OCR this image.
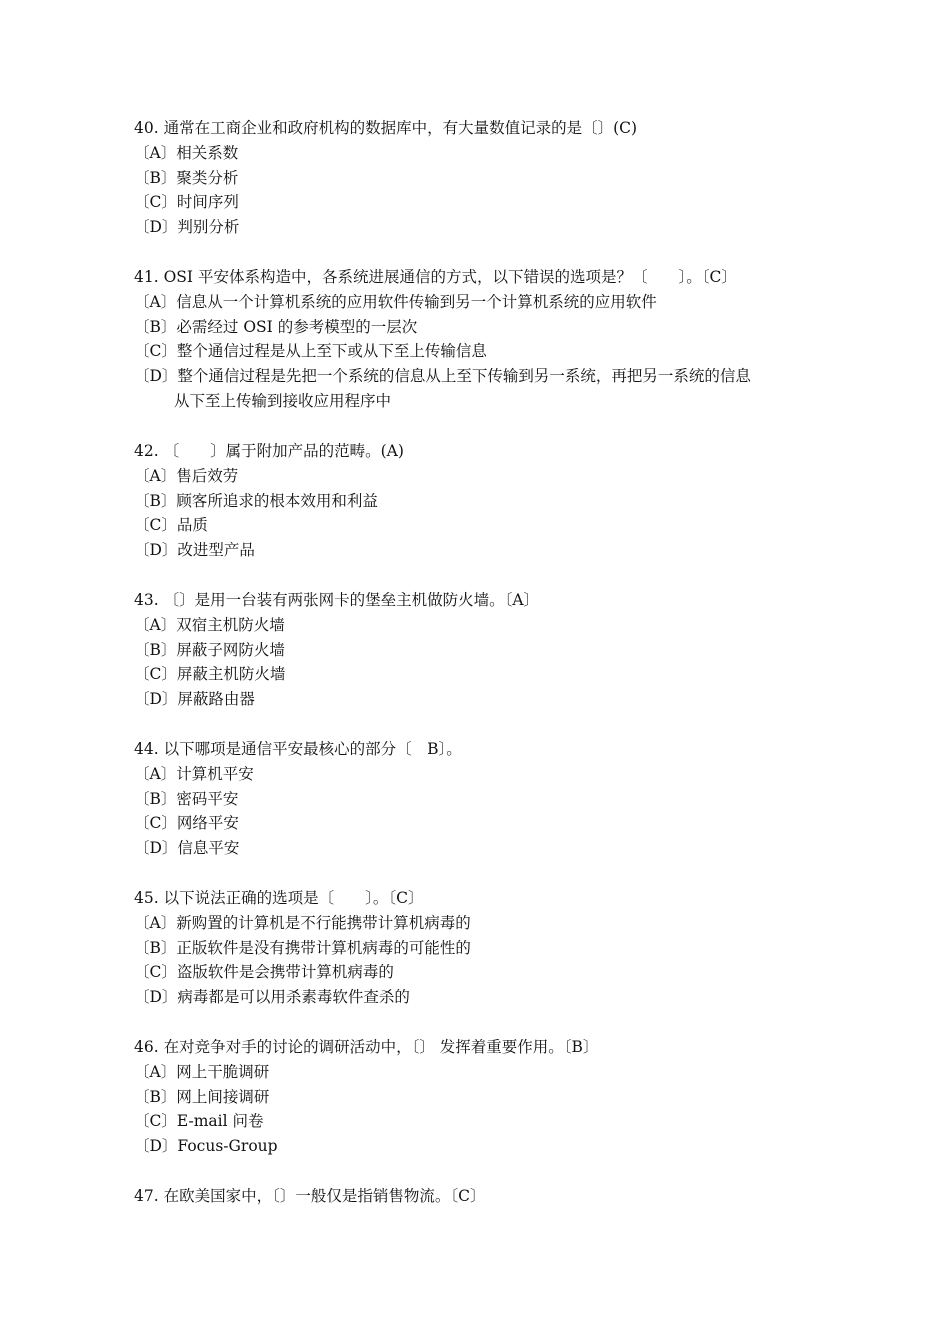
40. 通常在工商企业和政府机构的数据库中，有大量数值记录的是〔〕(C)
〔A〕相关系数
〔B〕聚类分析
〔C〕时间序列
〔D〕判别分析
41. OSI 平安体系构造中，各系统进展通信的方式，以下错误的选项是？〔　　〕。〔C〕
〔A〕信息从一个计算机系统的应用软件传输到另一个计算机系统的应用软件
〔B〕必需经过 OSI 的参考模型的一层次
〔C〕整个通信过程是从上至下或从下至上传输信息
〔D〕整个通信过程是先把一个系统的信息从上至下传输到另一系统，再把另一系统的信息
从下至上传输到接收应用程序中
42. 〔　　〕属于附加产品的范畴。(A)
〔A〕售后效劳
〔B〕顾客所追求的根本效用和利益
〔C〕品质
〔D〕改进型产品
43. 〔〕是用一台装有两张网卡的堡垒主机做防火墙。〔A〕
〔A〕双宿主机防火墙
〔B〕屏蔽子网防火墙
〔C〕屏蔽主机防火墙
〔D〕屏蔽路由器
44. 以下哪项是通信平安最核心的部分〔　B〕。
〔A〕计算机平安
〔B〕密码平安
〔C〕网络平安
〔D〕信息平安
45. 以下说法正确的选项是〔　　〕。〔C〕
〔A〕新购置的计算机是不行能携带计算机病毒的
〔B〕正版软件是没有携带计算机病毒的可能性的
〔C〕盗版软件是会携带计算机病毒的
〔D〕病毒都是可以用杀素毒软件查杀的
46. 在对竞争对手的讨论的调研活动中，〔〕 发挥着重要作用。〔B〕
〔A〕网上干脆调研
〔B〕网上间接调研
〔C〕E-mail 问卷
〔D〕Focus-Group
47. 在欧美国家中，〔〕一般仅是指销售物流。〔C〕
